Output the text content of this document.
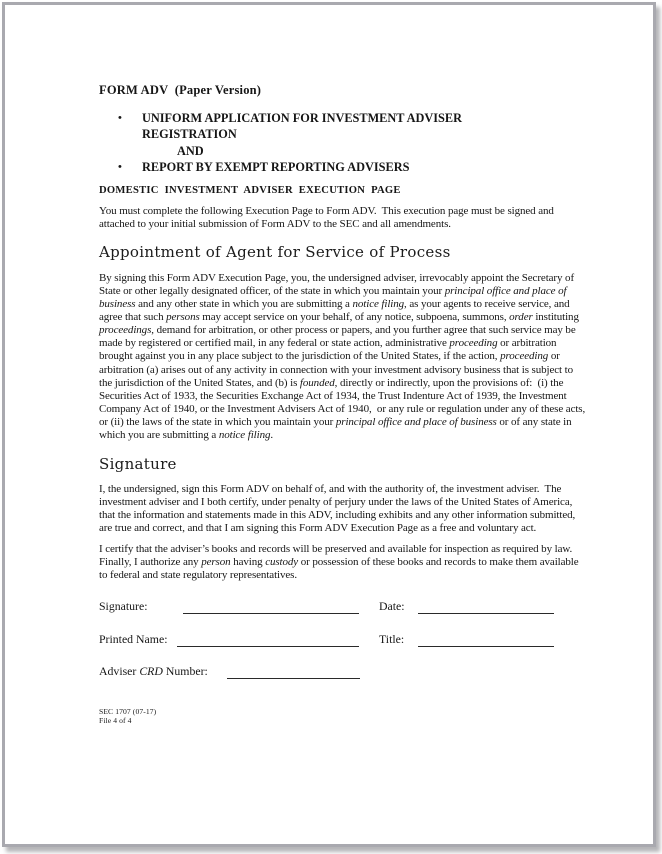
FORM ADV  (Paper Version)
•	UNIFORM APPLICATION FOR INVESTMENT ADVISER
REGISTRATION
AND
•	REPORT BY EXEMPT REPORTING ADVISERS
DOMESTIC INVESTMENT ADVISER EXECUTION PAGE
You must complete the following Execution Page to Form ADV.  This execution page must be signed and attached to your initial submission of Form ADV to the SEC and all amendments.
Appointment of Agent for Service of Process
By signing this Form ADV Execution Page, you, the undersigned adviser, irrevocably appoint the Secretary of State or other legally designated officer, of the state in which you maintain your principal office and place of business and any other state in which you are submitting a notice filing, as your agents to receive service, and agree that such persons may accept service on your behalf, of any notice, subpoena, summons, order instituting proceedings, demand for arbitration, or other process or papers, and you further agree that such service may be made by registered or certified mail, in any federal or state action, administrative proceeding or arbitration brought against you in any place subject to the jurisdiction of the United States, if the action, proceeding or arbitration (a) arises out of any activity in connection with your investment advisory business that is subject to the jurisdiction of the United States, and (b) is founded, directly or indirectly, upon the provisions of:  (i) the Securities Act of 1933, the Securities Exchange Act of 1934, the Trust Indenture Act of 1939, the Investment Company Act of 1940, or the Investment Advisers Act of 1940,  or any rule or regulation under any of these acts, or (ii) the laws of the state in which you maintain your principal office and place of business or of any state in which you are submitting a notice filing.
Signature
I, the undersigned, sign this Form ADV on behalf of, and with the authority of, the investment adviser.  The investment adviser and I both certify, under penalty of perjury under the laws of the United States of America, that the information and statements made in this ADV, including exhibits and any other information submitted, are true and correct, and that I am signing this Form ADV Execution Page as a free and voluntary act.
I certify that the adviser’s books and records will be preserved and available for inspection as required by law.  Finally, I authorize any person having custody or possession of these books and records to make them available to federal and state regulatory representatives.
Signature:	Date:
Printed Name:	Title:
Adviser CRD Number:
SEC 1707 (07-17)
File 4 of 4
